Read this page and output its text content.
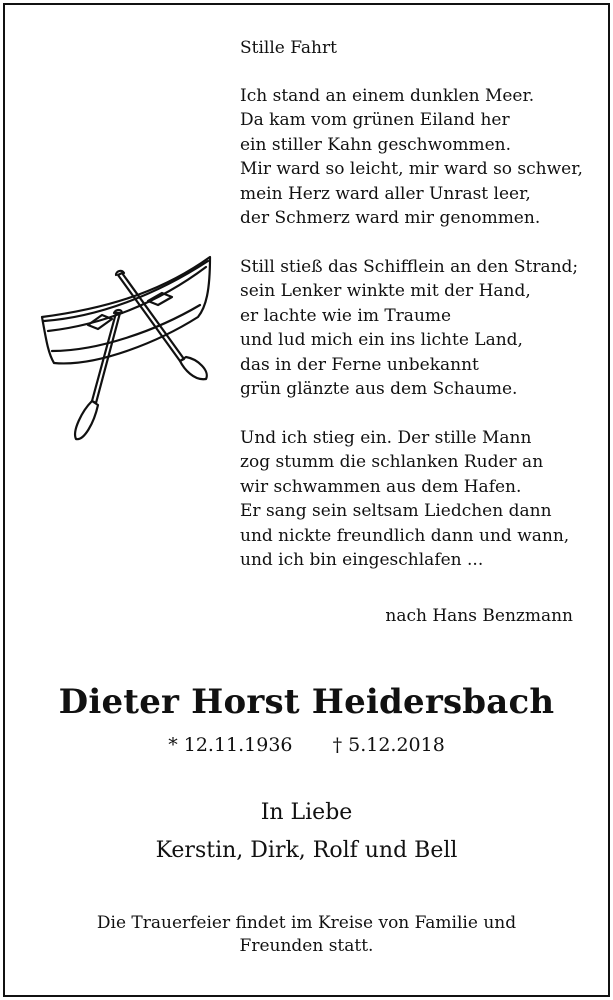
Stille Fahrt
Ich stand an einem dunklen Meer.
Da kam vom grünen Eiland her
ein stiller Kahn geschwommen.
Mir ward so leicht, mir ward so schwer,
mein Herz ward aller Unrast leer,
der Schmerz ward mir genommen.
Still stieß das Schifflein an den Strand;
sein Lenker winkte mit der Hand,
er lachte wie im Traume
und lud mich ein ins lichte Land,
das in der Ferne unbekannt
grün glänzte aus dem Schaume.
Und ich stieg ein. Der stille Mann
zog stumm die schlanken Ruder an
wir schwammen aus dem Hafen.
Er sang sein seltsam Liedchen dann
und nickte freundlich dann und wann,
und ich bin eingeschlafen ...
nach Hans Benzmann
Dieter Horst Heidersbach
* 12.11.1936 † 5.12.2018
In Liebe
Kerstin, Dirk, Rolf und Bell
Die Trauerfeier findet im Kreise von Familie und
Freunden statt.
